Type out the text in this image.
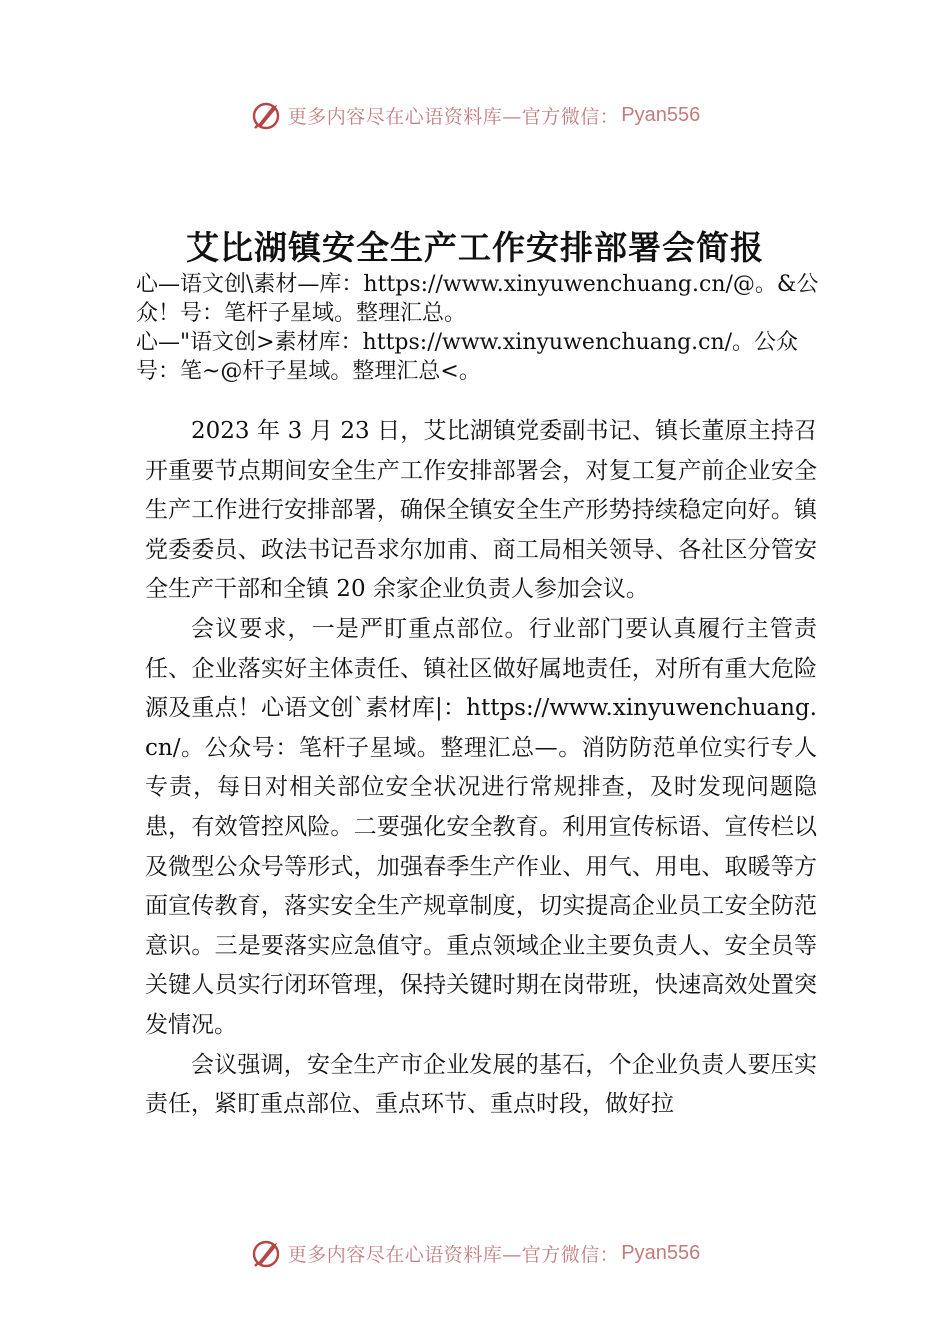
更多内容尽在心语资料库—官方微信： Pyan556
艾比湖镇安全生产工作安排部署会简报
心—语文创\素材—库：https://www.xinyuwenchuang.cn/@。&公众！号：笔杆子星域。整理汇总。
心—"语文创>素材库：https://www.xinyuwenchuang.cn/。公众号：笔~@杆子星域。整理汇总<。

2023 年 3 月 23 日，艾比湖镇党委副书记、镇长董原主持召开重要节点期间安全生产工作安排部署会，对复工复产前企业安全生产工作进行安排部署，确保全镇安全生产形势持续稳定向好。镇党委委员、政法书记吾求尔加甫、商工局相关领导、各社区分管安全生产干部和全镇 20 余家企业负责人参加会议。

会议要求，一是严盯重点部位。行业部门要认真履行主管责任、企业落实好主体责任、镇社区做好属地责任，对所有重大危险源及重点！心语文创`素材库|：https://www.xinyuwenchuang.cn/。公众号：笔杆子星域。整理汇总—。消防防范单位实行专人专责，每日对相关部位安全状况进行常规排查，及时发现问题隐患，有效管控风险。二要强化安全教育。利用宣传标语、宣传栏以及微型公众号等形式，加强春季生产作业、用气、用电、取暖等方面宣传教育，落实安全生产规章制度，切实提高企业员工安全防范意识。三是要落实应急值守。重点领域企业主要负责人、安全员等关键人员实行闭环管理，保持关键时期在岗带班，快速高效处置突发情况。

会议强调，安全生产市企业发展的基石，个企业负责人要压实责任，紧盯重点部位、重点环节、重点时段，做好拉

更多内容尽在心语资料库—官方微信： Pyan556
